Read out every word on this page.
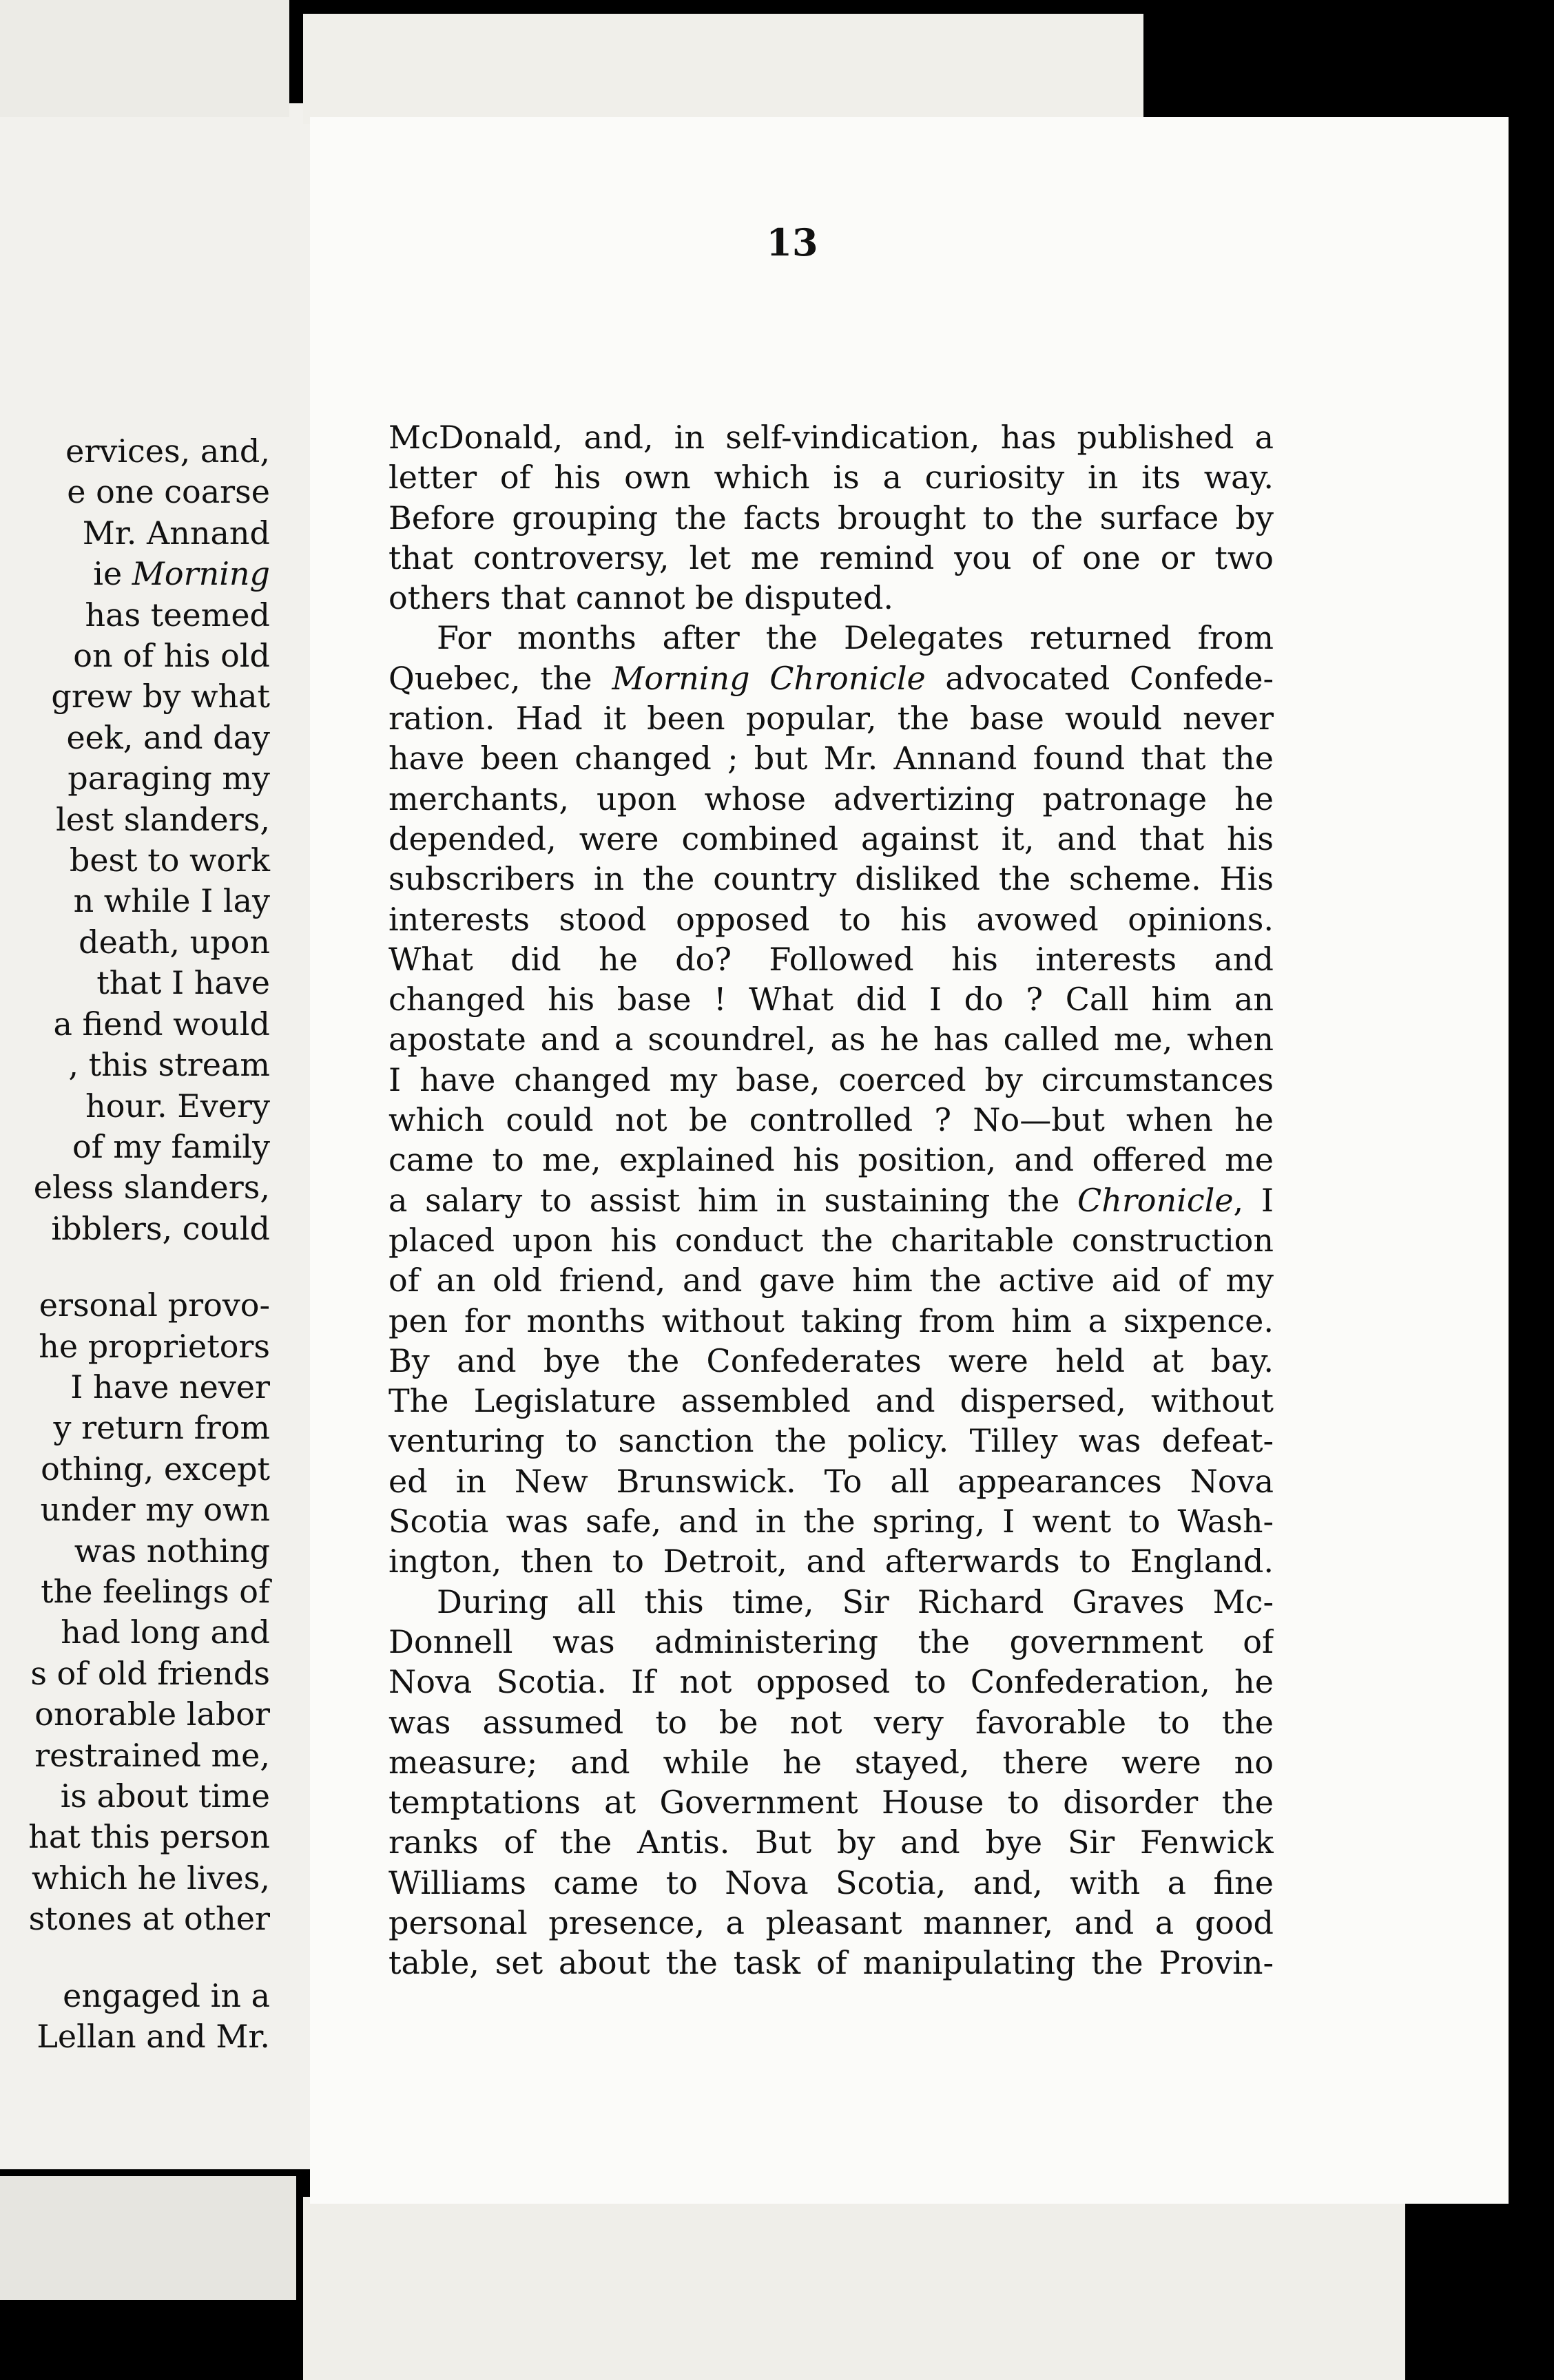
ervices, and,
e one coarse
Mr. Annand
ie Morning
has teemed
on of his old
grew by what
eek, and day
paraging my
lest slanders,
best to work
n while I lay
death, upon
that I have
a fiend would
, this stream
hour. Every
of my family
eless slanders,
ibblers, could
ersonal provo-
he proprietors
I have never
y return from
othing, except
under my own
was nothing
the feelings of
had long and
s of old friends
onorable labor
restrained me,
is about time
hat this person
which he lives,
stones at other
engaged in a
Lellan and Mr.
13
McDonald, and, in self-vindication, has published a
letter of his own which is a curiosity in its way.
Before grouping the facts brought to the surface by
that controversy, let me remind you of one or two
others that cannot be disputed.
For months after the Delegates returned from
Quebec, the Morning Chronicle advocated Confede-
ration. Had it been popular, the base would never
have been changed ; but Mr. Annand found that the
merchants, upon whose advertizing patronage he
depended, were combined against it, and that his
subscribers in the country disliked the scheme. His
interests stood opposed to his avowed opinions.
What did he do? Followed his interests and
changed his base ! What did I do ? Call him an
apostate and a scoundrel, as he has called me, when
I have changed my base, coerced by circumstances
which could not be controlled ? No—but when he
came to me, explained his position, and offered me
a salary to assist him in sustaining the Chronicle, I
placed upon his conduct the charitable construction
of an old friend, and gave him the active aid of my
pen for months without taking from him a sixpence.
By and bye the Confederates were held at bay.
The Legislature assembled and dispersed, without
venturing to sanction the policy. Tilley was defeat-
ed in New Brunswick. To all appearances Nova
Scotia was safe, and in the spring, I went to Wash-
ington, then to Detroit, and afterwards to England.
During all this time, Sir Richard Graves Mc-
Donnell was administering the government of
Nova Scotia. If not opposed to Confederation, he
was assumed to be not very favorable to the
measure; and while he stayed, there were no
temptations at Government House to disorder the
ranks of the Antis. But by and bye Sir Fenwick
Williams came to Nova Scotia, and, with a fine
personal presence, a pleasant manner, and a good
table, set about the task of manipulating the Provin-
